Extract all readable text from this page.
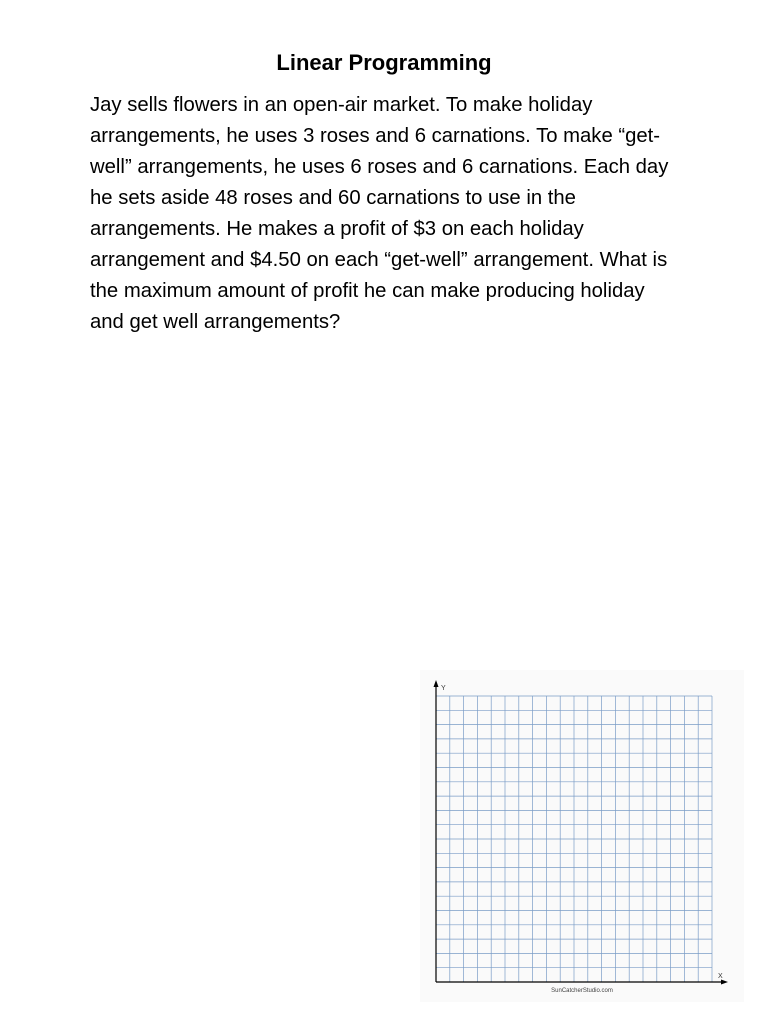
Linear Programming

Jay sells flowers in an open-air market. To make holiday arrangements, he uses 3 roses and 6 carnations. To make “get-well” arrangements, he uses 6 roses and 6 carnations. Each day he sets aside 48 roses and 60 carnations to use in the arrangements. He makes a profit of $3 on each holiday arrangement and $4.50 on each “get-well” arrangement. What is the maximum amount of profit he can make producing holiday and get well arrangements?

Y
X
SunCatcherStudio.com
